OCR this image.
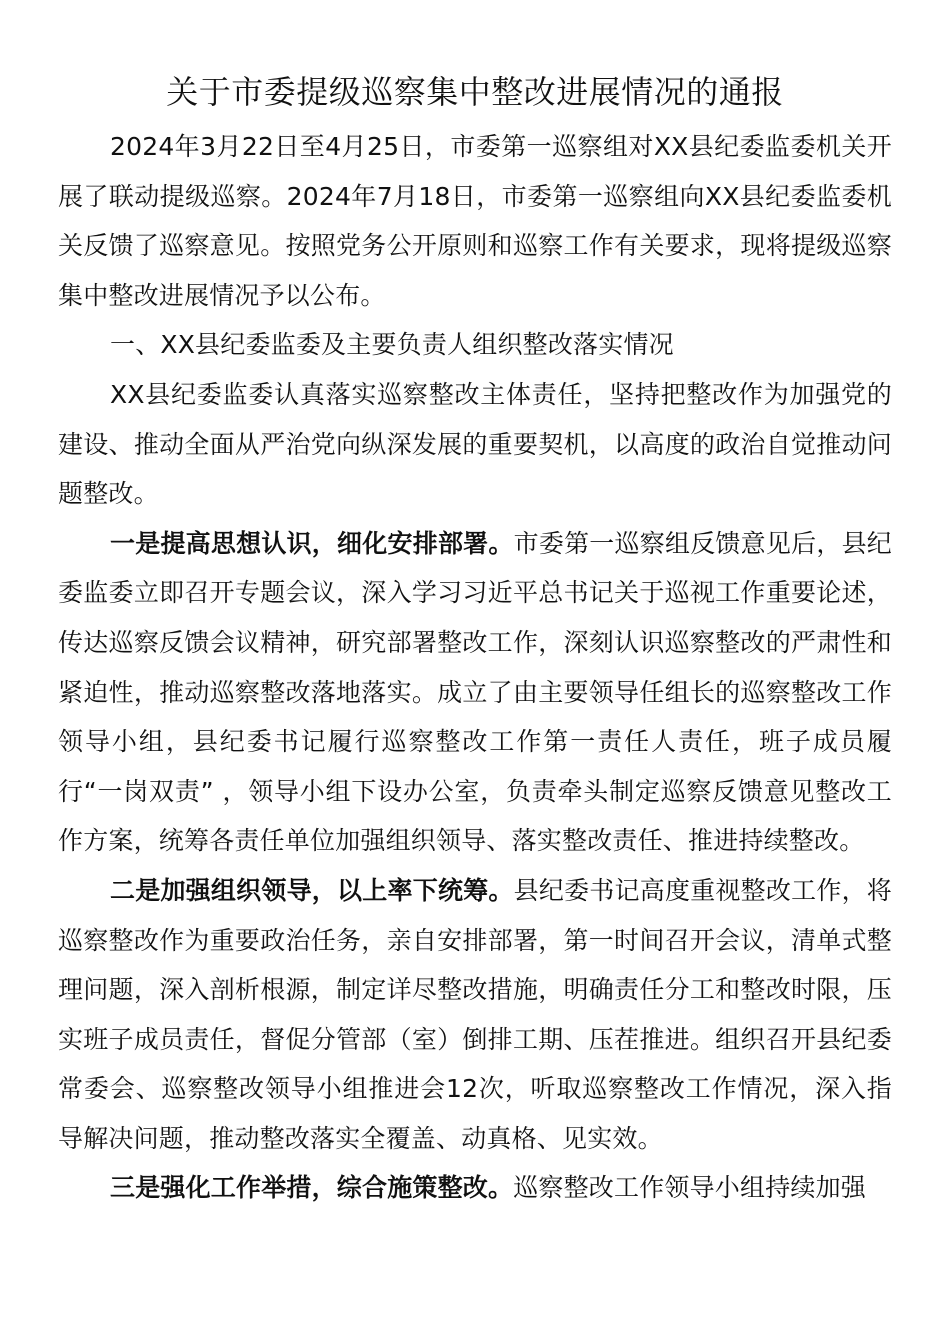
关于市委提级巡察集中整改进展情况的通报

2024年3月22日至4月25日，市委第一巡察组对XX县纪委监委机关开展了联动提级巡察。2024年7月18日，市委第一巡察组向XX县纪委监委机关反馈了巡察意见。按照党务公开原则和巡察工作有关要求，现将提级巡察集中整改进展情况予以公布。

一、XX县纪委监委及主要负责人组织整改落实情况

XX县纪委监委认真落实巡察整改主体责任，坚持把整改作为加强党的建设、推动全面从严治党向纵深发展的重要契机，以高度的政治自觉推动问题整改。

一是提高思想认识，细化安排部署。市委第一巡察组反馈意见后，县纪委监委立即召开专题会议，深入学习习近平总书记关于巡视工作重要论述，传达巡察反馈会议精神，研究部署整改工作，深刻认识巡察整改的严肃性和紧迫性，推动巡察整改落地落实。成立了由主要领导任组长的巡察整改工作领导小组，县纪委书记履行巡察整改工作第一责任人责任，班子成员履行“一岗双责” ，领导小组下设办公室，负责牵头制定巡察反馈意见整改工作方案，统筹各责任单位加强组织领导、落实整改责任、推进持续整改。

二是加强组织领导，以上率下统筹。县纪委书记高度重视整改工作，将巡察整改作为重要政治任务，亲自安排部署，第一时间召开会议，清单式整理问题，深入剖析根源，制定详尽整改措施，明确责任分工和整改时限，压实班子成员责任，督促分管部（室）倒排工期、压茬推进。组织召开县纪委常委会、巡察整改领导小组推进会12次，听取巡察整改工作情况，深入指导解决问题，推动整改落实全覆盖、动真格、见实效。

三是强化工作举措，综合施策整改。巡察整改工作领导小组持续加强
